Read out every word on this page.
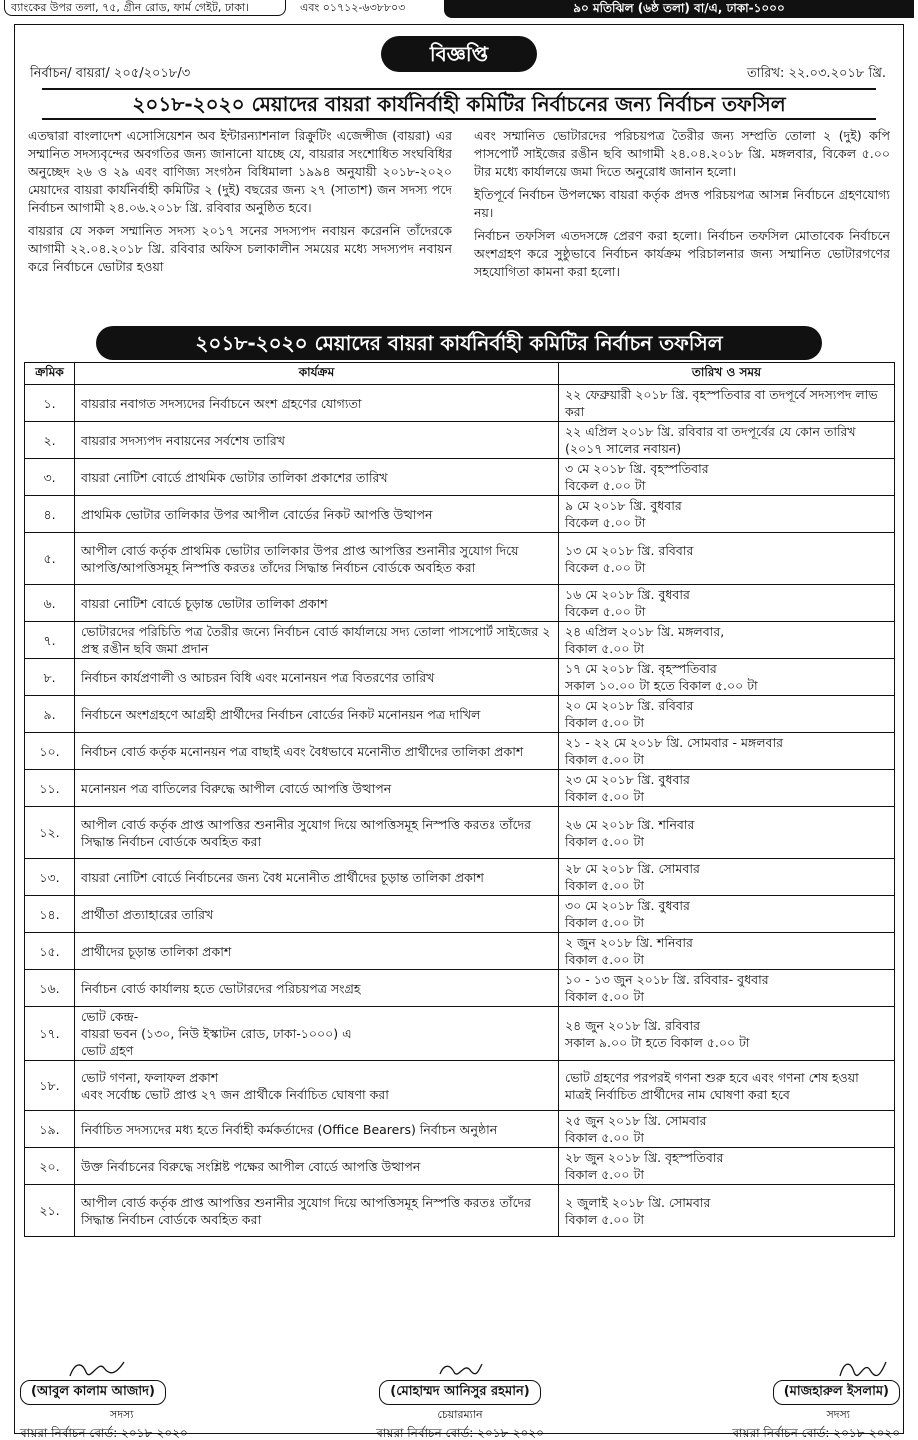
ব্যাংকের উপর তলা, ৭৫, গ্রীন রোড, ফার্ম গেইট, ঢাকা।	এবং ০১৭১২-৬৩৮৮০৩	৯০ মতিঝিল (৬ষ্ঠ তলা) বা/এ, ঢাকা-১০০০
বিজ্ঞপ্তি
নির্বাচন/ বায়রা/ ২০৫/২০১৮/৩	তারিখ: ২২.০৩.২০১৮ খ্রি.
২০১৮-২০২০ মেয়াদের বায়রা কার্যনির্বাহী কমিটির নির্বাচনের জন্য নির্বাচন তফসিল

এতদ্বারা বাংলাদেশ এসোসিয়েশন অব ইন্টারন্যাশনাল রিক্রুটিং এজেন্সীজ (বায়রা) এর সম্মানিত সদস্যবৃন্দের অবগতির জন্য জানানো যাচ্ছে যে, বায়রার সংশোধিত সংঘবিধির অনুচ্ছেদ ২৬ ও ২৯ এবং বাণিজ্য সংগঠন বিধিমালা ১৯৯৪ অনুযায়ী ২০১৮-২০২০ মেয়াদের বায়রা কার্যনির্বাহী কমিটির ২ (দুই) বছরের জন্য ২৭ (সাতাশ) জন সদস্য পদে নির্বাচন আগামী ২৪.০৬.২০১৮ খ্রি. রবিবার অনুষ্ঠিত হবে।

বায়রার যে সকল সম্মানিত সদস্য ২০১৭ সনের সদস্যপদ নবায়ন করেননি তাঁদেরকে আগামী ২২.০৪.২০১৮ খ্রি. রবিবার অফিস চলাকালীন সময়ের মধ্যে সদস্যপদ নবায়ন করে নির্বাচনে ভোটার হওয়া

এবং সম্মানিত ভোটারদের পরিচয়পত্র তৈরীর জন্য সম্প্রতি তোলা ২ (দুই) কপি পাসপোর্ট সাইজের রঙীন ছবি আগামী ২৪.০৪.২০১৮ খ্রি. মঙ্গলবার, বিকেল ৫.০০ টার মধ্যে কার্যালয়ে জমা দিতে অনুরোধ জানান হলো।

ইতিপূর্বে নির্বাচন উপলক্ষ্যে বায়রা কর্তৃক প্রদত্ত পরিচয়পত্র আসন্ন নির্বাচনে গ্রহণযোগ্য নয়।

নির্বাচন তফসিল এতদসঙ্গে প্রেরণ করা হলো। নির্বাচন তফসিল মোতাবেক নির্বাচনে অংশগ্রহণ করে সুষ্ঠুভাবে নির্বাচন কার্যক্রম পরিচালনার জন্য সম্মানিত ভোটারগণের সহযোগিতা কামনা করা হলো।

২০১৮-২০২০ মেয়াদের বায়রা কার্যনির্বাহী কমিটির নির্বাচন তফসিল
ক্রমিক	কার্যক্রম	তারিখ ও সময়
১.	বায়রার নবাগত সদস্যদের নির্বাচনে অংশ গ্রহণের যোগ্যতা	২২ ফেব্রুয়ারী ২০১৮ খ্রি. বৃহস্পতিবার বা তদপূর্বে সদস্যপদ লাভ করা
২.	বায়রার সদস্যপদ নবায়নের সর্বশেষ তারিখ	২২ এপ্রিল ২০১৮ খ্রি. রবিবার বা তদপূর্বের যে কোন তারিখ (২০১৭ সালের নবায়ন)
৩.	বায়রা নোটিশ বোর্ডে প্রাথমিক ভোটার তালিকা প্রকাশের তারিখ	৩ মে ২০১৮ খ্রি. বৃহস্পতিবার
বিকেল ৫.০০ টা
৪.	প্রাথমিক ভোটার তালিকার উপর আপীল বোর্ডের নিকট আপত্তি উত্থাপন	৯ মে ২০১৮ খ্রি. বুধবার
বিকেল ৫.০০ টা
৫.	আপীল বোর্ড কর্তৃক প্রাথমিক ভোটার তালিকার উপর প্রাপ্ত আপত্তির শুনানীর সুযোগ দিয়ে আপত্তি/আপত্তিসমূহ নিস্পত্তি করতঃ তাঁদের সিদ্ধান্ত নির্বাচন বোর্ডকে অবহিত করা	১৩ মে ২০১৮ খ্রি. রবিবার
বিকেল ৫.০০ টা
৬.	বায়রা নোটিশ বোর্ডে চূড়ান্ত ভোটার তালিকা প্রকাশ	১৬ মে ২০১৮ খ্রি. বুধবার
বিকেল ৫.০০ টা
৭.	ভোটারদের পরিচিতি পত্র তৈরীর জন্যে নির্বাচন বোর্ড কার্যালয়ে সদ্য তোলা পাসপোর্ট সাইজের ২ প্রস্থ রঙীন ছবি জমা প্রদান	২৪ এপ্রিল ২০১৮ খ্রি. মঙ্গলবার,
বিকাল ৫.০০ টা
৮.	নির্বাচন কার্যপ্রণালী ও আচরন বিধি এবং মনোনয়ন পত্র বিতরণের তারিখ	১৭ মে ২০১৮ খ্রি. বৃহস্পতিবার
সকাল ১০.০০ টা হতে বিকাল ৫.০০ টা
৯.	নির্বাচনে অংশগ্রহণে আগ্রহী প্রার্থীদের নির্বাচন বোর্ডের নিকট মনোনয়ন পত্র দাখিল	২০ মে ২০১৮ খ্রি. রবিবার
বিকাল ৫.০০ টা
১০.	নির্বাচন বোর্ড কর্তৃক মনোনয়ন পত্র বাছাই এবং বৈধভাবে মনোনীত প্রার্থীদের তালিকা প্রকাশ	২১ - ২২ মে ২০১৮ খ্রি. সোমবার - মঙ্গলবার
বিকাল ৫.০০ টা
১১.	মনোনয়ন পত্র বাতিলের বিরুদ্ধে আপীল বোর্ডে আপত্তি উত্থাপন	২৩ মে ২০১৮ খ্রি. বুধবার
বিকাল ৫.০০ টা
১২.	আপীল বোর্ড কর্তৃক প্রাপ্ত আপত্তির শুনানীর সুযোগ দিয়ে আপত্তিসমূহ নিস্পত্তি করতঃ তাঁদের সিদ্ধান্ত নির্বাচন বোর্ডকে অবহিত করা	২৬ মে ২০১৮ খ্রি. শনিবার
বিকাল ৫.০০ টা
১৩.	বায়রা নোটিশ বোর্ডে নির্বাচনের জন্য বৈধ মনোনীত প্রার্থীদের চূড়ান্ত তালিকা প্রকাশ	২৮ মে ২০১৮ খ্রি. সোমবার
বিকাল ৫.০০ টা
১৪.	প্রার্থীতা প্রত্যাহারের তারিখ	৩০ মে ২০১৮ খ্রি. বুধবার
বিকাল ৫.০০ টা
১৫.	প্রার্থীদের চূড়ান্ত তালিকা প্রকাশ	২ জুন ২০১৮ খ্রি. শনিবার
বিকাল ৫.০০ টা
১৬.	নির্বাচন বোর্ড কার্যালয় হতে ভোটারদের পরিচয়পত্র সংগ্রহ	১০ - ১৩ জুন ২০১৮ খ্রি. রবিবার- বুধবার
বিকাল ৫.০০ টা
১৭.	ভোট কেন্দ্র-
বায়রা ভবন (১৩০, নিউ ইস্কাটন রোড, ঢাকা-১০০০) এ
ভোট গ্রহণ	২৪ জুন ২০১৮ খ্রি. রবিবার
সকাল ৯.০০ টা হতে বিকাল ৫.০০ টা
১৮.	ভোট গণনা, ফলাফল প্রকাশ
এবং সর্বোচ্চ ভোট প্রাপ্ত ২৭ জন প্রার্থীকে নির্বাচিত ঘোষণা করা	ভোট গ্রহণের পরপরই গণনা শুরু হবে এবং গণনা শেষ হওয়া মাত্রই নির্বাচিত প্রার্থীদের নাম ঘোষণা করা হবে
১৯.	নির্বাচিত সদস্যদের মধ্য হতে নির্বাহী কর্মকর্তাদের (Office Bearers) নির্বাচন অনুষ্ঠান	২৫ জুন ২০১৮ খ্রি. সোমবার
বিকাল ৫.০০ টা
২০.	উক্ত নির্বাচনের বিরুদ্ধে সংশ্লিষ্ট পক্ষের আপীল বোর্ডে আপত্তি উত্থাপন	২৮ জুন ২০১৮ খ্রি. বৃহস্পতিবার
বিকাল ৫.০০ টা
২১.	আপীল বোর্ড কর্তৃক প্রাপ্ত আপত্তির শুনানীর সুযোগ দিয়ে আপত্তিসমূহ নিস্পত্তি করতঃ তাঁদের সিদ্ধান্ত নির্বাচন বোর্ডকে অবহিত করা	২ জুলাই ২০১৮ খ্রি. সোমবার
বিকাল ৫.০০ টা
(আবুল কালাম আজাদ)
সদস্য
বায়রা নির্বাচন বোর্ড: ২০১৮-২০২০
(মোহাম্মদ আনিসুর রহমান)
চেয়ারম্যান
বায়রা নির্বাচন বোর্ড: ২০১৮-২০২০
(মাজহারুল ইসলাম)
সদস্য
বায়রা নির্বাচন বোর্ড: ২০১৮-২০২০
